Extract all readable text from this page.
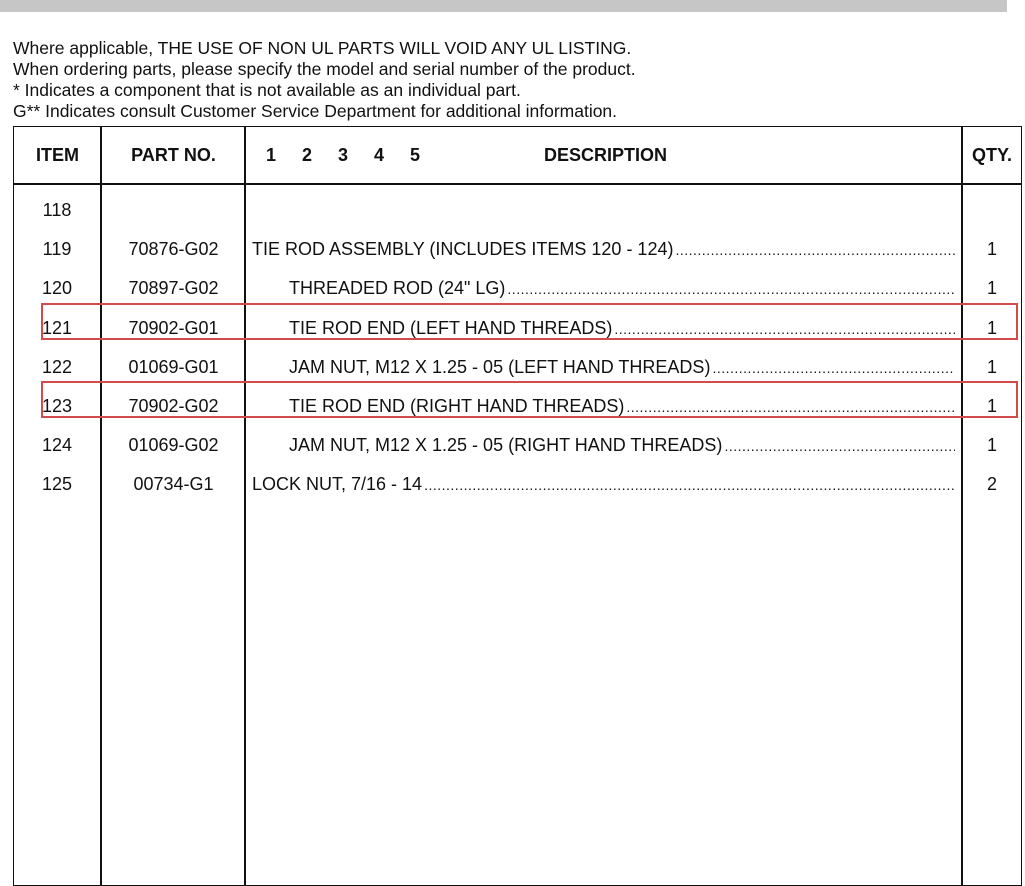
Where applicable, THE USE OF NON UL PARTS WILL VOID ANY UL LISTING.
When ordering parts, please specify the model and serial number of the product.
* Indicates a component that is not available as an individual part.
G** Indicates consult Customer Service Department for additional information.
ITEM	PART NO.	1	2	3	4	5	DESCRIPTION	QTY.
118
119	70876-G02	TIE ROD ASSEMBLY (INCLUDES ITEMS 120 - 124) .....	1
120	70897-G02	THREADED ROD (24" LG) .....	1
121	70902-G01	TIE ROD END (LEFT HAND THREADS) .....	1
122	01069-G01	JAM NUT, M12 X 1.25 - 05 (LEFT HAND THREADS) .....	1
123	70902-G02	TIE ROD END (RIGHT HAND THREADS) .....	1
124	01069-G02	JAM NUT, M12 X 1.25 - 05 (RIGHT HAND THREADS) .....	1
125	00734-G1	LOCK NUT, 7/16 - 14 .....	2
